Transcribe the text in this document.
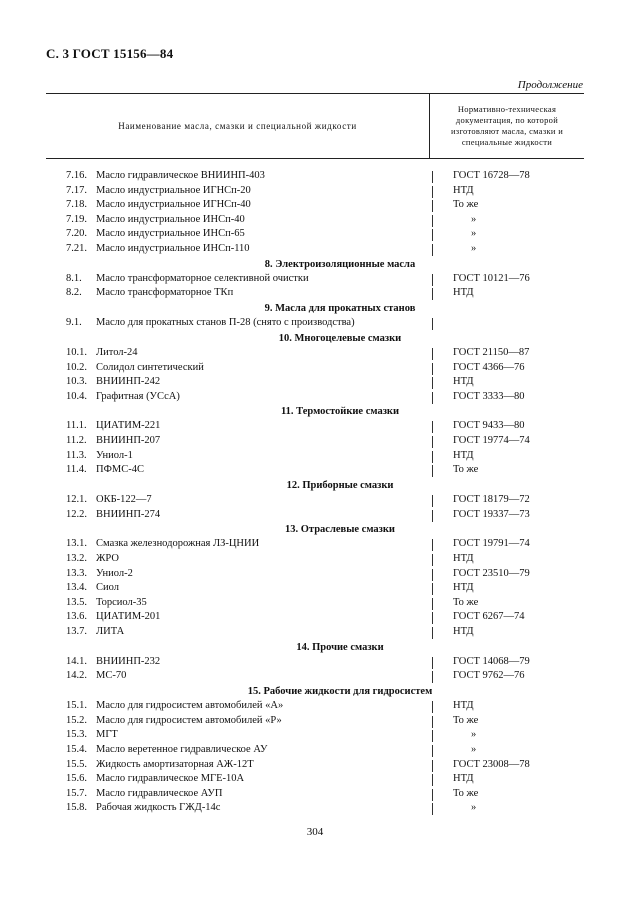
С. 3 ГОСТ 15156—84
Продолжение
Наименование масла, смазки и специальной жидкости
Нормативно-техническая
документация, по которой
изготовляют масла, смазки и
специальные жидкости
7.16. Масло гидравлическое ВНИИНП-403	ГОСТ 16728—78
7.17. Масло индустриальное ИГНСп-20	НТД
7.18. Масло индустриальное ИГНСп-40	То же
7.19. Масло индустриальное ИНСп-40	»
7.20. Масло индустриальное ИНСп-65	»
7.21. Масло индустриальное ИНСп-110	»
8. Электроизоляционные масла
8.1. Масло трансформаторное селективной очистки	ГОСТ 10121—76
8.2. Масло трансформаторное ТКп	НТД
9. Масла для прокатных станов
9.1. Масло для прокатных станов П-28 (снято с производства)
10. Многоцелевые смазки
10.1. Литол-24	ГОСТ 21150—87
10.2. Солидол синтетический	ГОСТ 4366—76
10.3. ВНИИНП-242	НТД
10.4. Графитная (УСсА)	ГОСТ 3333—80
11. Термостойкие смазки
11.1. ЦИАТИМ-221	ГОСТ 9433—80
11.2. ВНИИНП-207	ГОСТ 19774—74
11.3. Униол-1	НТД
11.4. ПФМС-4С	То же
12. Приборные смазки
12.1. ОКБ-122—7	ГОСТ 18179—72
12.2. ВНИИНП-274	ГОСТ 19337—73
13. Отраслевые смазки
13.1. Смазка железнодорожная ЛЗ-ЦНИИ	ГОСТ 19791—74
13.2. ЖРО	НТД
13.3. Униол-2	ГОСТ 23510—79
13.4. Сиол	НТД
13.5. Торсиол-35	То же
13.6. ЦИАТИМ-201	ГОСТ 6267—74
13.7. ЛИТА	НТД
14. Прочие смазки
14.1. ВНИИНП-232	ГОСТ 14068—79
14.2. МС-70	ГОСТ 9762—76
15. Рабочие жидкости для гидросистем
15.1. Масло для гидросистем автомобилей «А»	НТД
15.2. Масло для гидросистем автомобилей «Р»	То же
15.3. МГТ	»
15.4. Масло веретенное гидравлическое АУ	»
15.5. Жидкость амортизаторная АЖ-12Т	ГОСТ 23008—78
15.6. Масло гидравлическое МГЕ-10А	НТД
15.7. Масло гидравлическое АУП	То же
15.8. Рабочая жидкость ГЖД-14с	»
304
